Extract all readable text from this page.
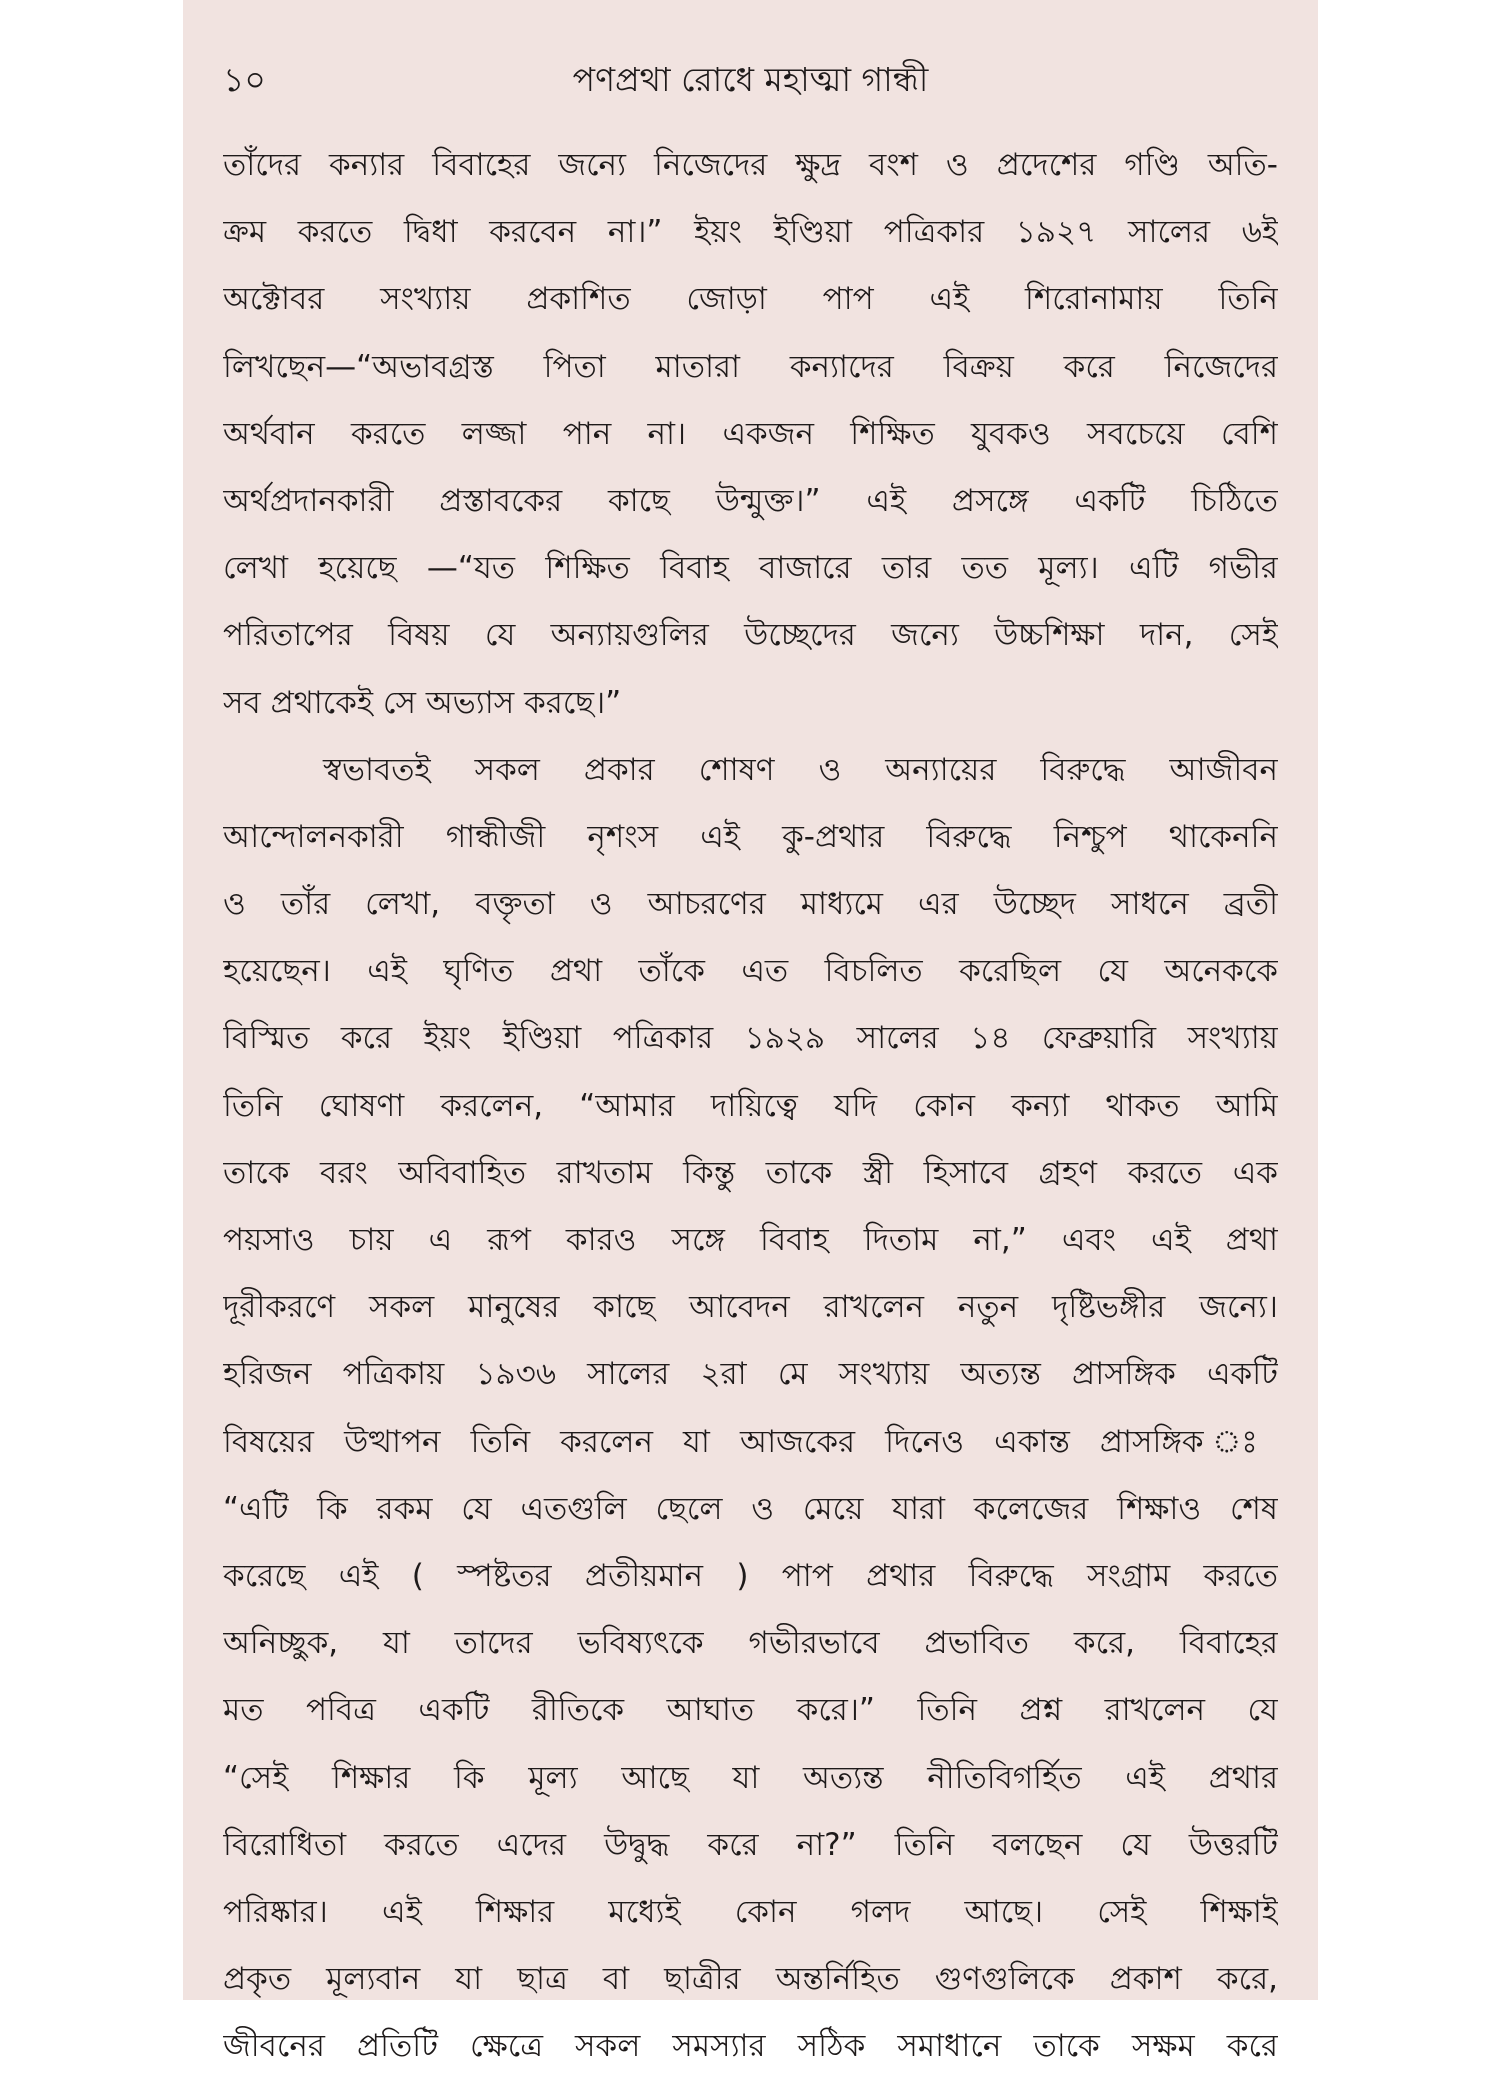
১০	পণপ্রথা রোধে মহাত্মা গান্ধী
তাঁদের কন্যার বিবাহের জন্যে নিজেদের ক্ষুদ্র বংশ ও প্রদেশের গণ্ডি অতি-
ক্রম করতে দ্বিধা করবেন না।” ইয়ং ইণ্ডিয়া পত্রিকার ১৯২৭ সালের ৬ই
অক্টোবর সংখ্যায় প্রকাশিত জোড়া পাপ এই শিরোনামায় তিনি
লিখছেন—“অভাবগ্রস্ত পিতা মাতারা কন্যাদের বিক্রয় করে নিজেদের
অর্থবান করতে লজ্জা পান না। একজন শিক্ষিত যুবকও সবচেয়ে বেশি
অর্থপ্রদানকারী প্রস্তাবকের কাছে উন্মুক্ত।” এই প্রসঙ্গে একটি চিঠিতে
লেখা হয়েছে —“যত শিক্ষিত বিবাহ বাজারে তার তত মূল্য। এটি গভীর
পরিতাপের বিষয় যে অন্যায়গুলির উচ্ছেদের জন্যে উচ্চশিক্ষা দান, সেই
সব প্রথাকেই সে অভ্যাস করছে।”
স্বভাবতই সকল প্রকার শোষণ ও অন্যায়ের বিরুদ্ধে আজীবন
আন্দোলনকারী গান্ধীজী নৃশংস এই কু-প্রথার বিরুদ্ধে নিশ্চুপ থাকেননি
ও তাঁর লেখা, বক্তৃতা ও আচরণের মাধ্যমে এর উচ্ছেদ সাধনে ব্রতী
হয়েছেন। এই ঘৃণিত প্রথা তাঁকে এত বিচলিত করেছিল যে অনেককে
বিস্মিত করে ইয়ং ইণ্ডিয়া পত্রিকার ১৯২৯ সালের ১৪ ফেব্রুয়ারি সংখ্যায়
তিনি ঘোষণা করলেন, “আমার দায়িত্বে যদি কোন কন্যা থাকত আমি
তাকে বরং অবিবাহিত রাখতাম কিন্তু তাকে স্ত্রী হিসাবে গ্রহণ করতে এক
পয়সাও চায় এ রূপ কারও সঙ্গে বিবাহ দিতাম না,” এবং এই প্রথা
দূরীকরণে সকল মানুষের কাছে আবেদন রাখলেন নতুন দৃষ্টিভঙ্গীর জন্যে।
হরিজন পত্রিকায় ১৯৩৬ সালের ২রা মে সংখ্যায় অত্যন্ত প্রাসঙ্গিক একটি
বিষয়ের উত্থাপন তিনি করলেন যা আজকের দিনেও একান্ত প্রাসঙ্গিক ঃ
“এটি কি রকম যে এতগুলি ছেলে ও মেয়ে যারা কলেজের শিক্ষাও শেষ
করেছে এই ( স্পষ্টতর প্রতীয়মান ) পাপ প্রথার বিরুদ্ধে সংগ্রাম করতে
অনিচ্ছুক, যা তাদের ভবিষ্যৎকে গভীরভাবে প্রভাবিত করে, বিবাহের
মত পবিত্র একটি রীতিকে আঘাত করে।” তিনি প্রশ্ন রাখলেন যে
“সেই শিক্ষার কি মূল্য আছে যা অত্যন্ত নীতিবিগর্হিত এই প্রথার
বিরোধিতা করতে এদের উদ্বুদ্ধ করে না?” তিনি বলছেন যে উত্তরটি
পরিষ্কার। এই শিক্ষার মধ্যেই কোন গলদ আছে। সেই শিক্ষাই
প্রকৃত মূল্যবান যা ছাত্র বা ছাত্রীর অন্তর্নিহিত গুণগুলিকে প্রকাশ করে,
জীবনের প্রতিটি ক্ষেত্রে সকল সমস্যার সঠিক সমাধানে তাকে সক্ষম করে
